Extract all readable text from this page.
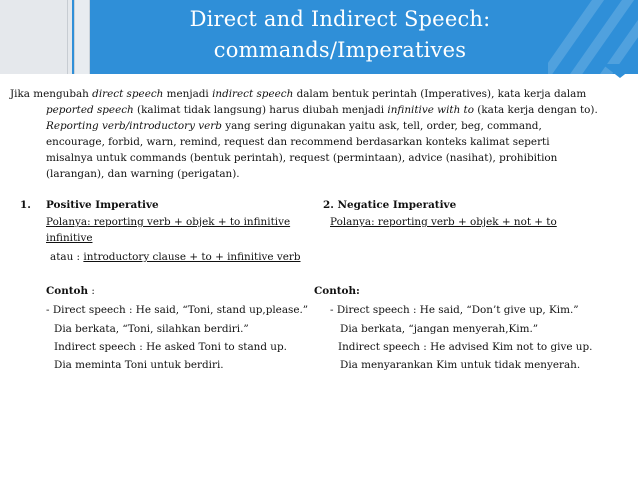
Direct and Indirect Speech:
commands/Imperatives
Jika mengubah direct speech menjadi indirect speech dalam bentuk perintah (Imperatives), kata kerja dalam
peported speech (kalimat tidak langsung) harus diubah menjadi infinitive with to (kata kerja dengan to).
Reporting verb/introductory verb yang sering digunakan yaitu ask, tell, order, beg, command,
encourage, forbid, warn, remind, request dan recommend berdasarkan konteks kalimat seperti
misalnya untuk commands (bentuk perintah), request (permintaan), advice (nasihat), prohibition
(larangan), dan warning (perigatan).
1. Positive Imperative
Polanya: reporting verb + objek + to infinitive
infinitive
atau : introductory clause + to + infinitive verb
Contoh :
- Direct speech : He said, “Toni, stand up,please.”
Dia berkata, “Toni, silahkan berdiri.”
Indirect speech : He asked Toni to stand up.
Dia meminta Toni untuk berdiri.
2. Negatice Imperative
Polanya: reporting verb + objek + not + to
Contoh:
- Direct speech : He said, “Don’t give up, Kim.”
Dia berkata, “jangan menyerah,Kim.”
Indirect speech : He advised Kim not to give up.
Dia menyarankan Kim untuk tidak menyerah.
